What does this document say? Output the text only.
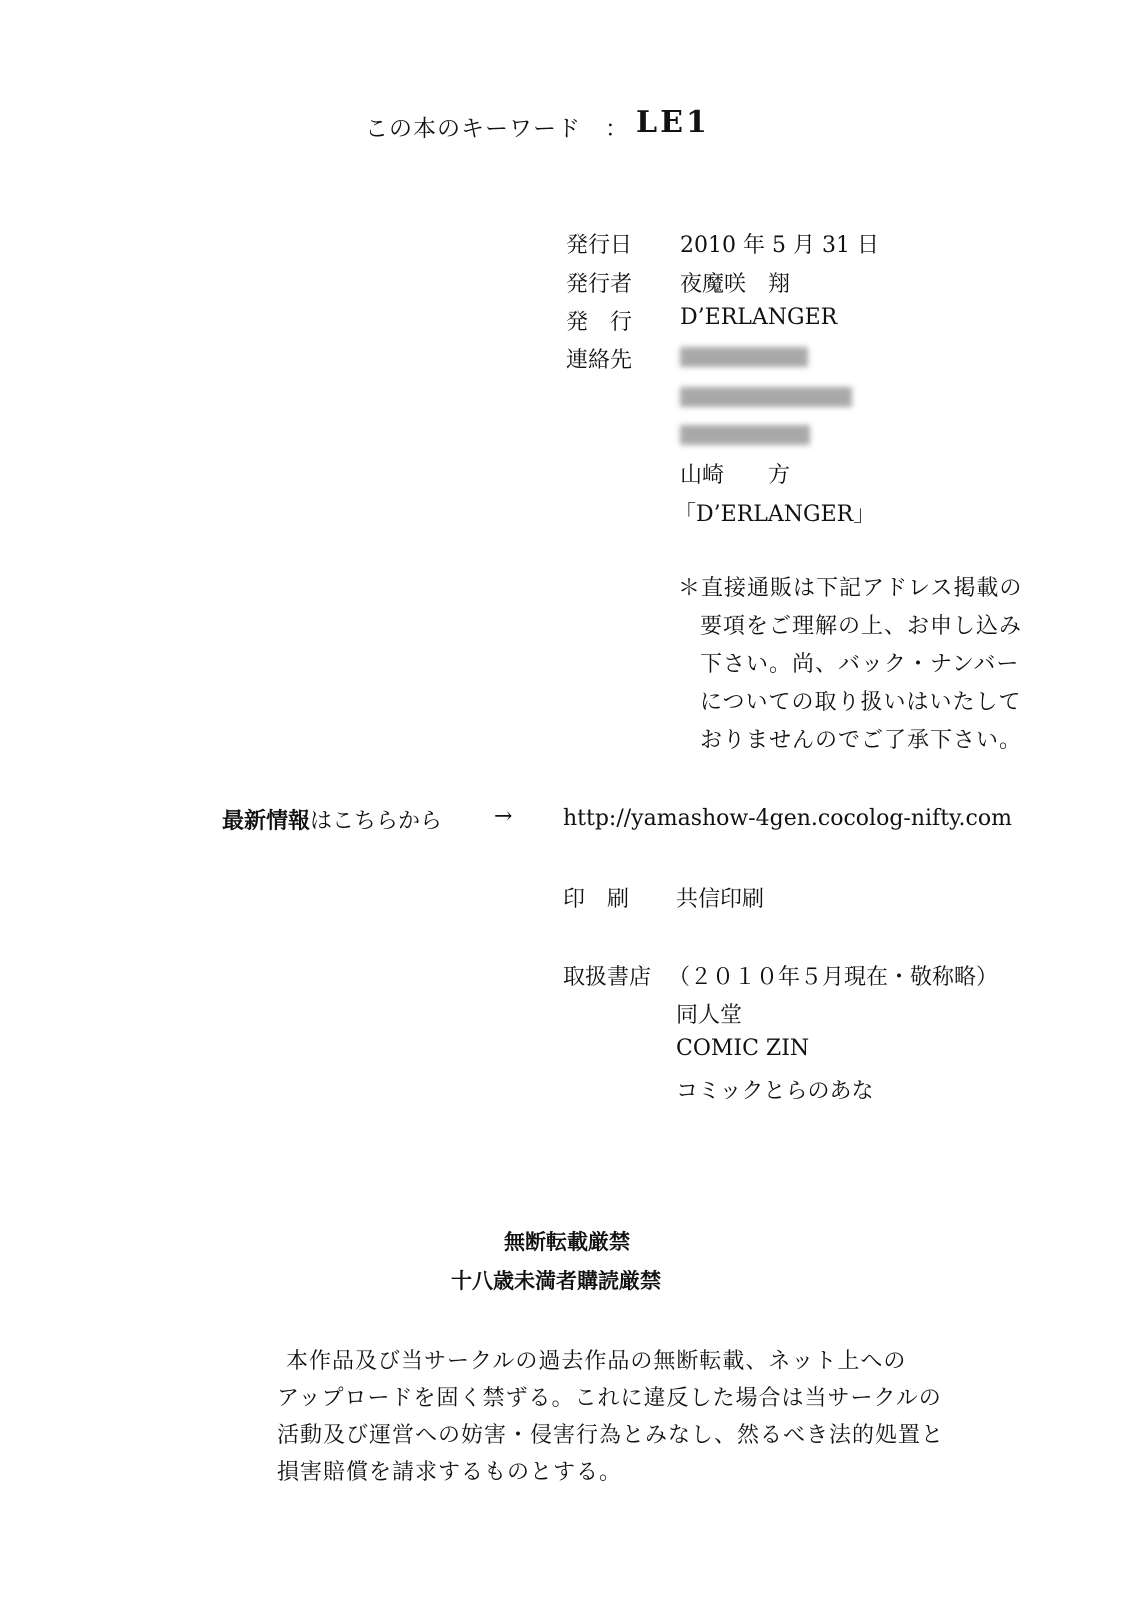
この本のキーワード　： LE1
発行日 2010 年 5 月 31 日
発行者 夜魔咲　翔
発　行 D’ERLANGER
連絡先
山崎　　方
「D’ERLANGER」
＊直接通販は下記アドレス掲載の
要項をご理解の上、お申し込み
下さい。尚、バック・ナンバー
についての取り扱いはいたして
おりませんのでご了承下さい。
最新情報はこちらから → http://yamashow-4gen.cocolog-nifty.com
印　刷 共信印刷
取扱書店 （２０１０年５月現在・敬称略）
同人堂
COMIC ZIN
コミックとらのあな
無断転載厳禁
十八歳未満者購読厳禁
本作品及び当サークルの過去作品の無断転載、ネット上への
アップロードを固く禁ずる。これに違反した場合は当サークルの
活動及び運営への妨害・侵害行為とみなし、然るべき法的処置と
損害賠償を請求するものとする。
